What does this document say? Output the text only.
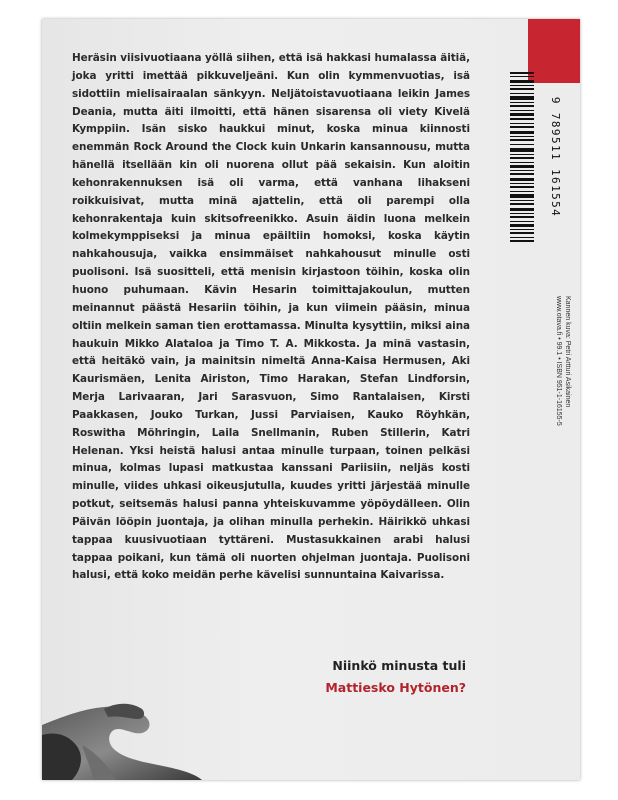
Heräsin viisivuotiaana yöllä siihen, että isä hakkasi humalassa äitiä, joka yritti imettää pikkuveljeäni. Kun olin kymmenvuotias, isä sidottiin mielisairaalan sänkyyn. Neljätoistavuotiaana leikin James Deania, mutta äiti ilmoitti, että hänen sisarensa oli viety Kivelä Kymppiin. Isän sisko haukkui minut, koska minua kiinnosti enemmän Rock Around the Clock kuin Unkarin kansannousu, mutta hänellä itsellään kin oli nuorena ollut pää sekaisin. Kun aloitin kehonrakennuksen isä oli varma, että vanhana lihakseni roikkuisivat, mutta minä ajattelin, että oli parempi olla kehonrakentaja kuin skitsofreenikko. Asuin äidin luona melkein kolmekymppiseksi ja minua epäiltiin homoksi, koska käytin nahkahousuja, vaikka ensimmäiset nahkahousut minulle osti puolisoni. Isä suositteli, että menisin kirjastoon töihin, koska olin huono puhumaan. Kävin Hesarin toimittajakoulun, mutten meinannut päästä Hesariin töihin, ja kun viimein pääsin, minua oltiin melkein saman tien erottamassa. Minulta kysyttiin, miksi aina haukuin Mikko Alataloa ja Timo T. A. Mikkosta. Ja minä vastasin, että heitäkö vain, ja mainitsin nimeltä Anna-Kaisa Hermusen, Aki Kaurismäen, Lenita Airiston, Timo Harakan, Stefan Lindforsin, Merja Larivaaran, Jari Sarasvuon, Simo Rantalaisen, Kirsti Paakkasen, Jouko Turkan, Jussi Parviaisen, Kauko Röyhkän, Roswitha Möhringin, Laila Snellmanin, Ruben Stillerin, Katri Helenan. Yksi heistä halusi antaa minulle turpaan, toinen pelkäsi minua, kolmas lupasi matkustaa kanssani Pariisiin, neljäs kosti minulle, viides uhkasi oikeusjutulla, kuudes yritti järjestää minulle potkut, seitsemäs halusi panna yhteiskuvamme yöpöydälleen. Olin Päivän lööpin juontaja, ja olihan minulla perhekin. Häirikkö uhkasi tappaa kuusivuotiaan tyttäreni. Mustasukkainen arabi halusi tappaa poikani, kun tämä oli nuorten ohjelman juontaja. Puolisoni halusi, että koko meidän perhe kävelisi sunnuntaina Kaivarissa.

Niinkö minusta tuli
Mattiesko Hytönen?
9 789511 161554
Kannen kuva: Petri Artturi Asikainen
www.otava.fi • 99.1 • ISBN 951-1-16155-5
